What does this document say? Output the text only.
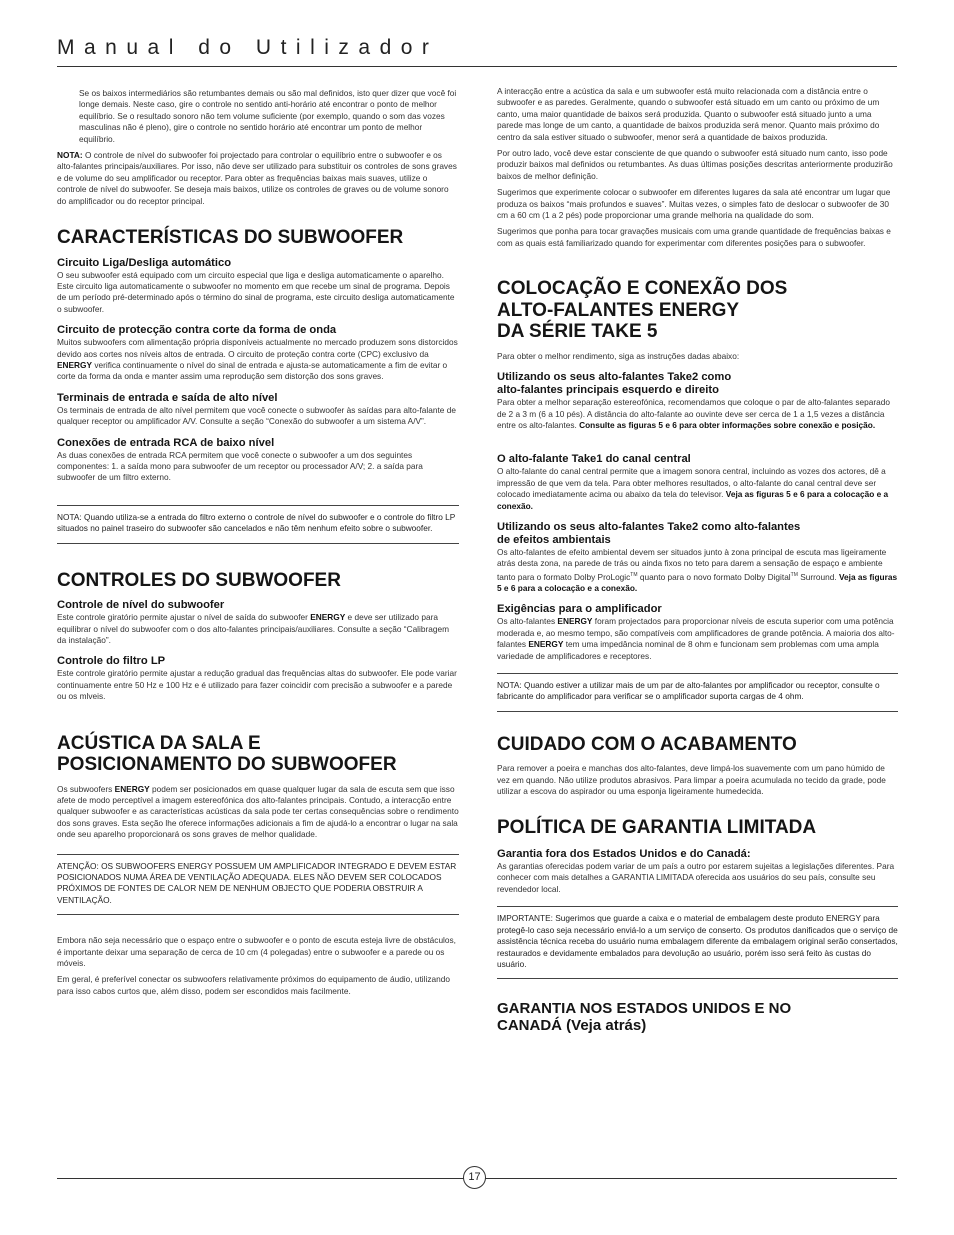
Manual do Utilizador

Se os baixos intermediários são retumbantes demais ou são mal definidos, isto quer dizer que você foi longe demais. Neste caso, gire o controle no sentido anti-horário até encontrar o ponto de melhor equilíbrio. Se o resultado sonoro não tem volume suficiente (por exemplo, quando o som das vozes masculinas não é pleno), gire o controle no sentido horário até encontrar um ponto de melhor equilíbrio.

NOTA: O controle de nível do subwoofer foi projectado para controlar o equilíbrio entre o subwoofer e os alto-falantes principais/auxiliares. Por isso, não deve ser utilizado para substituir os controles de sons graves e de volume do seu amplificador ou receptor. Para obter as frequências baixas mais suaves, utilize o controle de nível do subwoofer. Se deseja mais baixos, utilize os controles de graves ou de volume sonoro do amplificador ou do receptor principal.

CARACTERÍSTICAS DO SUBWOOFER
Circuito Liga/Desliga automático

O seu subwoofer está equipado com um circuito especial que liga e desliga automaticamente o aparelho. Este circuito liga automaticamente o subwoofer no momento em que recebe um sinal de programa. Depois de um período pré-determinado após o término do sinal de programa, este circuito desliga automaticamente o subwoofer.

Circuito de protecção contra corte da forma de onda

Muitos subwoofers com alimentação própria disponíveis actualmente no mercado produzem sons distorcidos devido aos cortes nos níveis altos de entrada. O circuito de proteção contra corte (CPC) exclusivo da ENERGY verifica continuamente o nível do sinal de entrada e ajusta-se automaticamente a fim de evitar o corte da forma da onda e manter assim uma reprodução sem distorção dos sons graves.

Terminais de entrada e saída de alto nível

Os terminais de entrada de alto nível permitem que você conecte o subwoofer às saídas para alto-falante de qualquer receptor ou amplificador A/V. Consulte a seção “Conexão do subwoofer a um sistema A/V”.

Conexões de entrada RCA de baixo nível

As duas conexões de entrada RCA permitem que você conecte o subwoofer a um dos seguintes componentes: 1. a saída mono para subwoofer de um receptor ou processador A/V; 2. a saída para subwoofer de um filtro externo.

NOTA: Quando utiliza-se a entrada do filtro externo o controle de nível do subwoofer e o controle do filtro LP situados no painel traseiro do subwoofer são cancelados e não têm nenhum efeito sobre o subwoofer.

CONTROLES DO SUBWOOFER
Controle de nível do subwoofer

Este controle giratório permite ajustar o nível de saída do subwoofer ENERGY e deve ser utilizado para equilibrar o nível do subwoofer com o dos alto-falantes principais/auxiliares. Consulte a seção “Calibragem da instalação”.

Controle do filtro LP

Este controle giratório permite ajustar a redução gradual das frequências altas do subwoofer. Ele pode variar continuamente entre 50 Hz e 100 Hz e é utilizado para fazer coincidir com precisão a subwoofer e a parede ou os mlveis.

ACÚSTICA DA SALA E
POSICIONAMENTO DO SUBWOOFER

Os subwoofers ENERGY podem ser posicionados em quase qualquer lugar da sala de escuta sem que isso afete de modo perceptível a imagem estereofónica dos alto-falantes principais. Contudo, a interacção entre qualquer subwoofer e as características acústicas da sala pode ter certas consequências sobre o rendimento dos sons graves. Esta seção lhe oferece informações adicionais a fim de ajudá-lo a encontrar o lugar na sala onde seu aparelho proporcionará os sons graves de melhor qualidade.

ATENÇÃO: OS SUBWOOFERS ENERGY POSSUEM UM AMPLIFICADOR INTEGRADO E DEVEM ESTAR POSICIONADOS NUMA ÁREA DE VENTILAÇÃO ADEQUADA. ELES NÃO DEVEM SER COLOCADOS PRÓXIMOS DE FONTES DE CALOR NEM DE NENHUM OBJECTO QUE PODERIA OBSTRUIR A VENTILAÇÃO.

Embora não seja necessário que o espaço entre o subwoofer e o ponto de escuta esteja livre de obstáculos, é importante deixar uma separação de cerca de 10 cm (4 polegadas) entre o subwoofer e a parede ou os móveis.

Em geral, é preferível conectar os subwoofers relativamente próximos do equipamento de áudio, utilizando para isso cabos curtos que, além disso, podem ser escondidos mais facilmente.

A interacção entre a acústica da sala e um subwoofer está muito relacionada com a distância entre o subwoofer e as paredes. Geralmente, quando o subwoofer está situado em um canto ou próximo de um canto, uma maior quantidade de baixos será produzida. Quanto o subwoofer está situado junto a uma parede mas longe de um canto, a quantidade de baixos produzida será menor. Quanto mais próximo do centro da sala estiver situado o subwoofer, menor será a quantidade de baixos produzida.

Por outro lado, você deve estar consciente de que quando o subwoofer está situado num canto, isso pode produzir baixos mal definidos ou retumbantes. As duas últimas posições descritas anteriormente produzirão baixos de melhor definição.

Sugerimos que experimente colocar o subwoofer em diferentes lugares da sala até encontrar um lugar que produza os baixos “mais profundos e suaves”. Muitas vezes, o simples fato de deslocar o subwoofer de 30 cm a 60 cm (1 a 2 pés) pode proporcionar uma grande melhoria na qualidade do som.

Sugerimos que ponha para tocar gravações musicais com uma grande quantidade de frequências baixas e com as quais está familiarizado quando for experimentar com diferentes posições para o subwoofer.

COLOCAÇÃO E CONEXÃO DOS
ALTO-FALANTES ENERGY
DA SÉRIE TAKE 5

Para obter o melhor rendimento, siga as instruções dadas abaixo:

Utilizando os seus alto-falantes Take2 como
alto-falantes principais esquerdo e direito

Para obter a melhor separação estereofónica, recomendamos que coloque o par de alto-falantes separado de 2 a 3 m (6 a 10 pés). A distância do alto-falante ao ouvinte deve ser cerca de 1 a 1,5 vezes a distância entre os alto-falantes. Consulte as figuras 5 e 6 para obter informações sobre conexão e posição.

O alto-falante Take1 do canal central

O alto-falante do canal central permite que a imagem sonora central, incluindo as vozes dos actores, dê a impressão de que vem da tela. Para obter melhores resultados, o alto-falante do canal central deve ser colocado imediatamente acima ou abaixo da tela do televisor. Veja as figuras 5 e 6 para a colocação e a conexão.

Utilizando os seus alto-falantes Take2 como alto-falantes
de efeitos ambientais

Os alto-falantes de efeito ambiental devem ser situados junto à zona principal de escuta mas ligeiramente atrás desta zona, na parede de trás ou ainda fixos no teto para darem a sensação de espaço e ambiente tanto para o formato Dolby ProLogic™ quanto para o novo formato Dolby Digital™ Surround. Veja as figuras 5 e 6 para a colocação e a conexão.

Exigências para o amplificador

Os alto-falantes ENERGY foram projectados para proporcionar níveis de escuta superior com uma potência moderada e, ao mesmo tempo, são compatíveis com amplificadores de grande potência. A maioria dos alto-falantes ENERGY tem uma impedância nominal de 8 ohm e funcionam sem problemas com uma ampla variedade de amplificadores e receptores.

NOTA: Quando estiver a utilizar mais de um par de alto-falantes por amplificador ou receptor, consulte o fabricante do amplificador para verificar se o amplificador suporta cargas de 4 ohm.

CUIDADO COM O ACABAMENTO

Para remover a poeira e manchas dos alto-falantes, deve limpá-los suavemente com um pano húmido de vez em quando. Não utilize produtos abrasivos. Para limpar a poeira acumulada no tecido da grade, pode utilizar a escova do aspirador ou uma esponja ligeiramente humedecida.

POLÍTICA DE GARANTIA LIMITADA
Garantia fora dos Estados Unidos e do Canadá:

As garantias oferecidas podem variar de um país a outro por estarem sujeitas a legislações diferentes. Para conhecer com mais detalhes a GARANTIA LIMITADA oferecida aos usuários do seu país, consulte seu revendedor local.

IMPORTANTE: Sugerimos que guarde a caixa e o material de embalagem deste produto ENERGY para protegê-lo caso seja necessário enviá-lo a um serviço de conserto. Os produtos danificados que o serviço de assistência técnica receba do usuário numa embalagem diferente da embalagem original serão consertados, restaurados e devidamente embalados para devolução ao usuário, porém isso será feito às custas do usuário.

GARANTIA NOS ESTADOS UNIDOS E NO
CANADÁ (Veja atrás)
17
